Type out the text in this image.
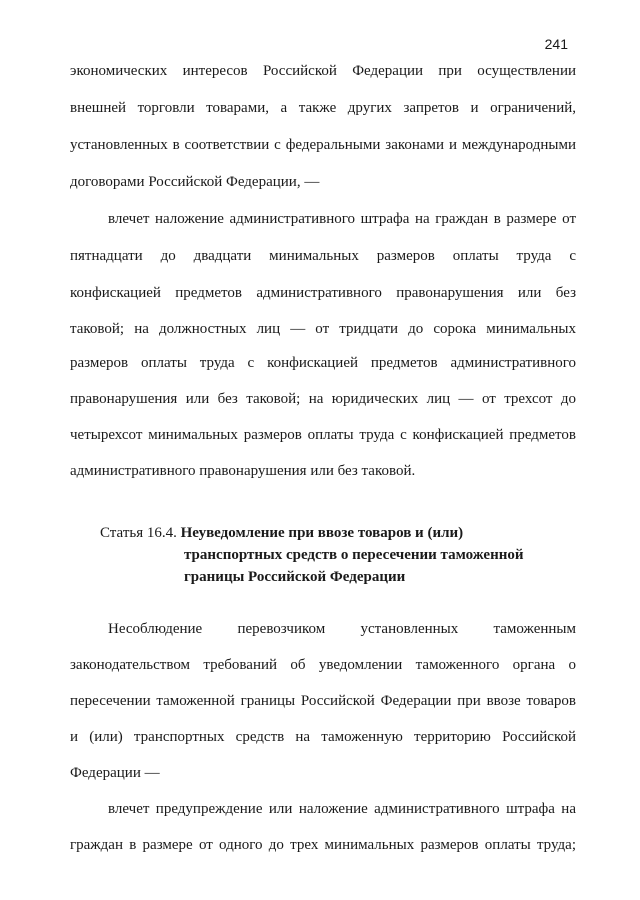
241
экономических интересов Российской Федерации при осуществлении
внешней торговли товарами, а также других запретов и ограничений,
установленных в соответствии с федеральными законами и международными
договорами Российской Федерации, —
влечет наложение административного штрафа на граждан в размере от
пятнадцати до двадцати минимальных размеров оплаты труда с
конфискацией предметов административного правонарушения или без
таковой; на должностных лиц — от тридцати до сорока минимальных
размеров оплаты труда с конфискацией предметов административного
правонарушения или без таковой; на юридических лиц — от трехсот до
четырехсот минимальных размеров оплаты труда с конфискацией предметов
административного правонарушения или без таковой.
Статья 16.4. Неуведомление при ввозе товаров и (или)
транспортных средств о пересечении таможенной
границы Российской Федерации
Несоблюдение перевозчиком установленных таможенным
законодательством требований об уведомлении таможенного органа о
пересечении таможенной границы Российской Федерации при ввозе товаров
и (или) транспортных средств на таможенную территорию Российской
Федерации —
влечет предупреждение или наложение административного штрафа на
граждан в размере от одного до трех минимальных размеров оплаты труда;
